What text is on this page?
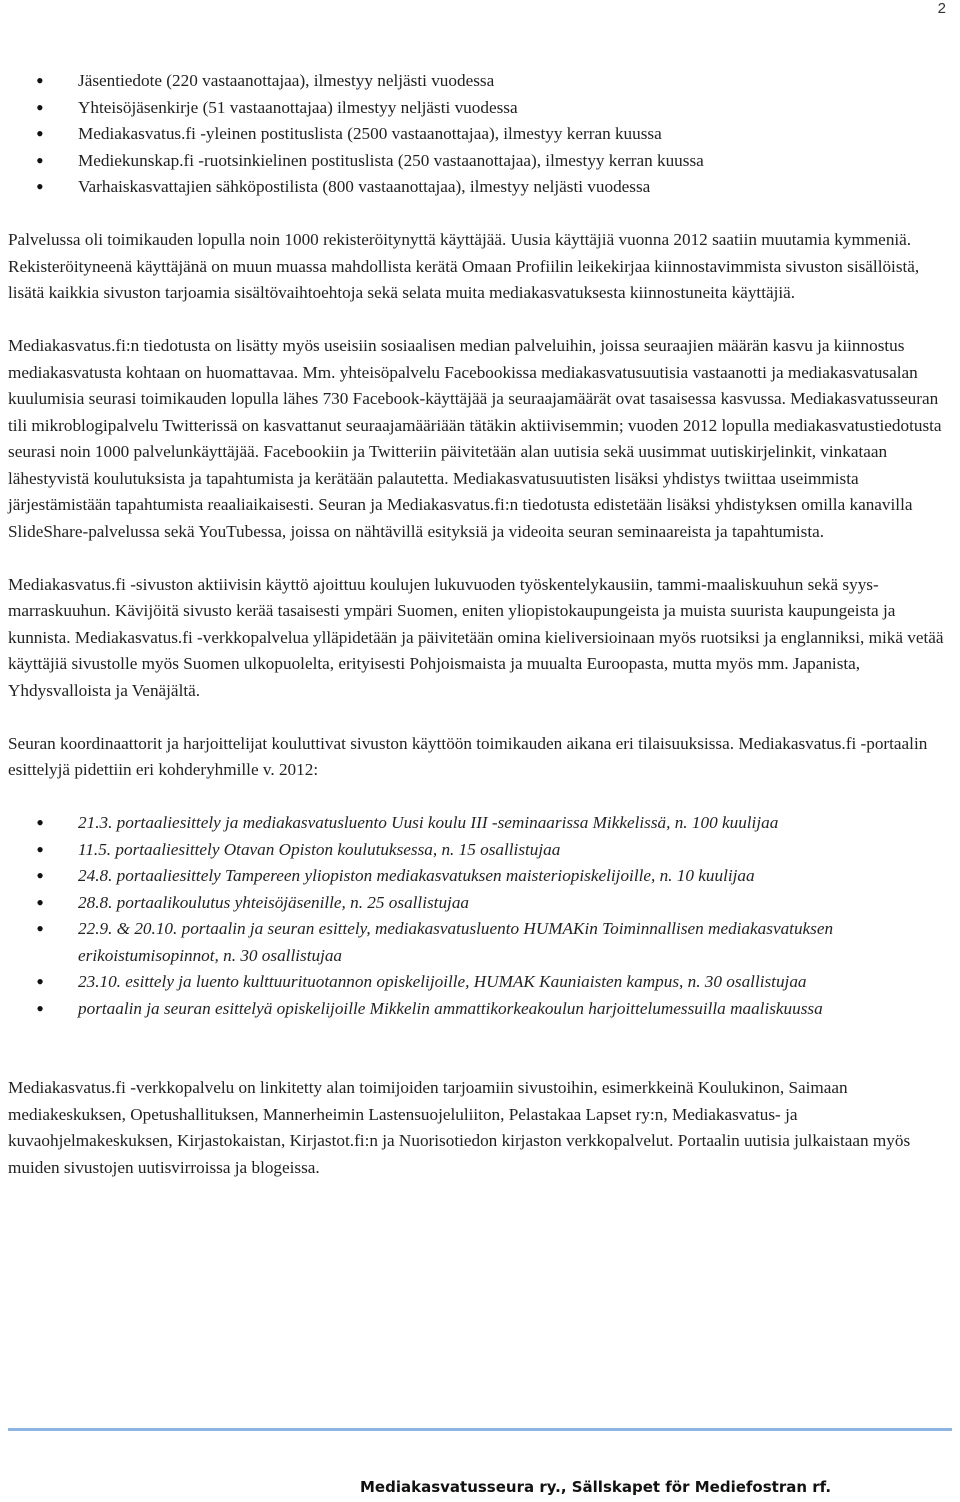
2
• Jäsentiedote (220 vastaanottajaa), ilmestyy neljästi vuodessa
• Yhteisöjäsenkirje (51 vastaanottajaa) ilmestyy neljästi vuodessa
• Mediakasvatus.fi -yleinen postituslista (2500 vastaanottajaa), ilmestyy kerran kuussa
• Mediekunskap.fi -ruotsinkielinen postituslista (250 vastaanottajaa), ilmestyy kerran kuussa
• Varhaiskasvattajien sähköpostilista (800 vastaanottajaa), ilmestyy neljästi vuodessa

Palvelussa oli toimikauden lopulla noin 1000 rekisteröitynyttä käyttäjää. Uusia käyttäjiä vuonna 2012 saatiin muutamia kymmeniä. Rekisteröityneenä käyttäjänä on muun muassa mahdollista kerätä Omaan Profiilin leikekirjaa kiinnostavimmista sivuston sisällöistä, lisätä kaikkia sivuston tarjoamia sisältövaihtoehtoja sekä selata muita mediakasvatuksesta kiinnostuneita käyttäjiä.

Mediakasvatus.fi:n tiedotusta on lisätty myös useisiin sosiaalisen median palveluihin, joissa seuraajien määrän kasvu ja kiinnostus mediakasvatusta kohtaan on huomattavaa. Mm. yhteisöpalvelu Facebookissa mediakasvatusuutisia vastaanotti ja mediakasvatusalan kuulumisia seurasi toimikauden lopulla lähes 730 Facebook-käyttäjää ja seuraajamäärät ovat tasaisessa kasvussa. Mediakasvatusseuran tili mikroblogipalvelu Twitterissä on kasvattanut seuraajamääriään tätäkin aktiivisemmin; vuoden 2012 lopulla mediakasvatustiedotusta seurasi noin 1000 palvelunkäyttäjää. Facebookiin ja Twitteriin päivitetään alan uutisia sekä uusimmat uutiskirjelinkit, vinkataan lähestyvistä koulutuksista ja tapahtumista ja kerätään palautetta. Mediakasvatusuutisten lisäksi yhdistys twiittaa useimmista järjestämistään tapahtumista reaaliaikaisesti. Seuran ja Mediakasvatus.fi:n tiedotusta edistetään lisäksi yhdistyksen omilla kanavilla SlideShare-palvelussa sekä YouTubessa, joissa on nähtävillä esityksiä ja videoita seuran seminaareista ja tapahtumista.

Mediakasvatus.fi -sivuston aktiivisin käyttö ajoittuu koulujen lukuvuoden työskentelykausiin, tammi-maaliskuuhun sekä syys-marraskuuhun. Kävijöitä sivusto kerää tasaisesti ympäri Suomen, eniten yliopistokaupungeista ja muista suurista kaupungeista ja kunnista. Mediakasvatus.fi -verkkopalvelua ylläpidetään ja päivitetään omina kieliversioinaan myös ruotsiksi ja englanniksi, mikä vetää käyttäjiä sivustolle myös Suomen ulkopuolelta, erityisesti Pohjoismaista ja muualta Euroopasta, mutta myös mm. Japanista, Yhdysvalloista ja Venäjältä.

Seuran koordinaattorit ja harjoittelijat kouluttivat sivuston käyttöön toimikauden aikana eri tilaisuuksissa. Mediakasvatus.fi -portaalin esittelyjä pidettiin eri kohderyhmille v. 2012:

• 21.3. portaaliesittely ja mediakasvatusluento Uusi koulu III -seminaarissa Mikkelissä, n. 100 kuulijaa
• 11.5. portaaliesittely Otavan Opiston koulutuksessa, n. 15 osallistujaa
• 24.8. portaaliesittely Tampereen yliopiston mediakasvatuksen maisteriopiskelijoille, n. 10 kuulijaa
• 28.8. portaalikoulutus yhteisöjäsenille, n. 25 osallistujaa
• 22.9. & 20.10. portaalin ja seuran esittely, mediakasvatusluento HUMAKin Toiminnallisen mediakasvatuksen erikoistumisopinnot, n. 30 osallistujaa
• 23.10. esittely ja luento kulttuurituotannon opiskelijoille, HUMAK Kauniaisten kampus, n. 30 osallistujaa
• portaalin ja seuran esittelyä opiskelijoille Mikkelin ammattikorkeakoulun harjoittelumessuilla maaliskuussa

Mediakasvatus.fi -verkkopalvelu on linkitetty alan toimijoiden tarjoamiin sivustoihin, esimerkkeinä Koulukinon, Saimaan mediakeskuksen, Opetushallituksen, Mannerheimin Lastensuojeluliiton, Pelastakaa Lapset ry:n, Mediakasvatus- ja kuvaohjelmakeskuksen, Kirjastokaistan, Kirjastot.fi:n ja Nuorisotiedon kirjaston verkkopalvelut. Portaalin uutisia julkaistaan myös muiden sivustojen uutisvirroissa ja blogeissa.

Mediakasvatusseura ry., Sällskapet för Mediefostran rf.
